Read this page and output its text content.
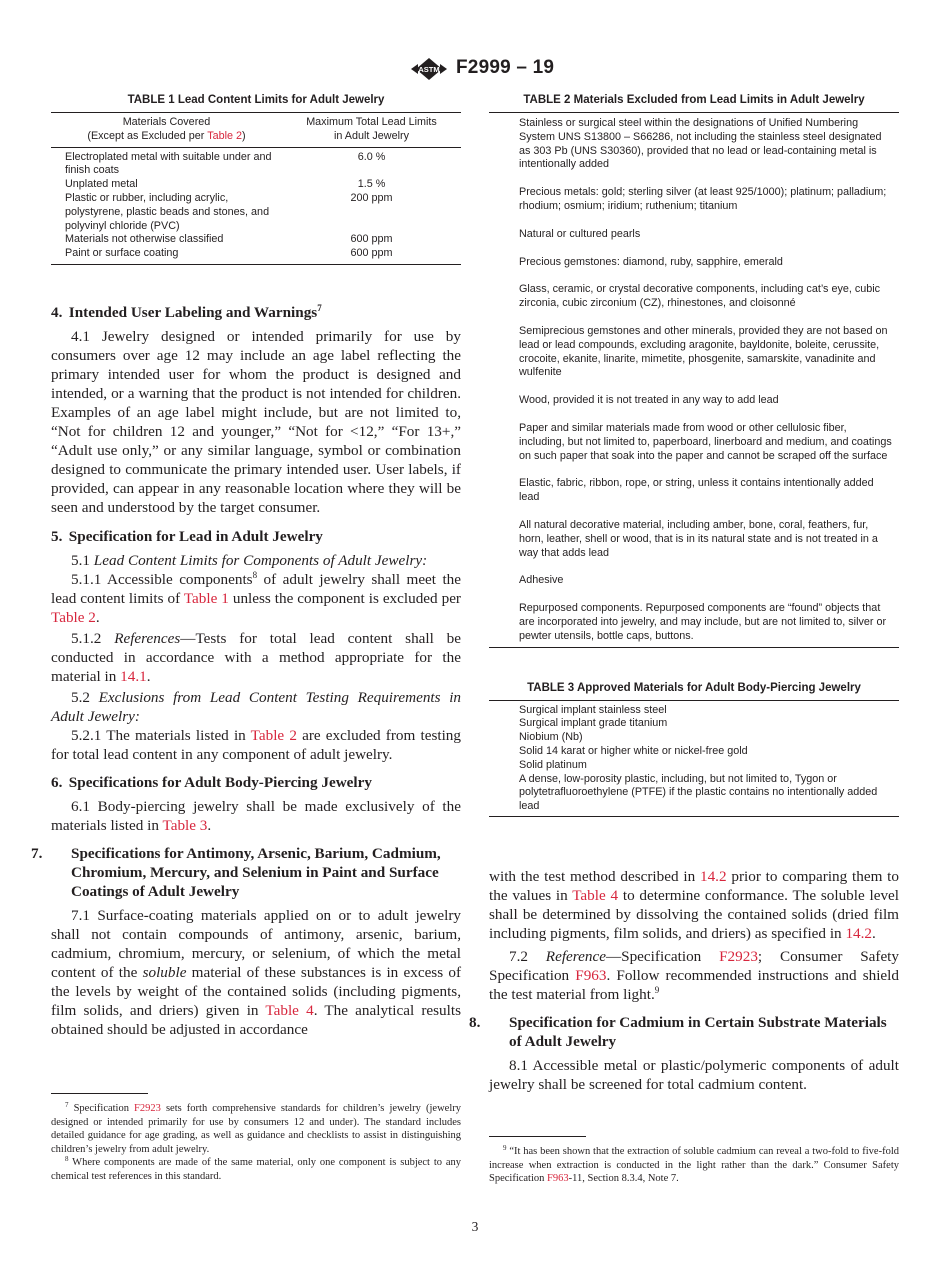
ASTM F2999 – 19
TABLE 1 Lead Content Limits for Adult Jewelry
Materials Covered
(Except as Excluded per Table 2)	Maximum Total Lead Limits
in Adult Jewelry
Electroplated metal with suitable under and finish coats	6.0 %
Unplated metal	1.5 %
Plastic or rubber, including acrylic, polystyrene, plastic beads and stones, and polyvinyl chloride (PVC)	200 ppm
Materials not otherwise classified	600 ppm
Paint or surface coating	600 ppm
4. Intended User Labeling and Warnings$^7$

4.1 Jewelry designed or intended primarily for use by consumers over age 12 may include an age label reflecting the primary intended user for whom the product is designed and intended, or a warning that the product is not intended for children. Examples of an age label might include, but are not limited to, “Not for children 12 and younger,” “Not for <12,” “For 13+,” “Adult use only,” or any similar language, symbol or combination designed to communicate the primary intended user. User labels, if provided, can appear in any reasonable location where they will be seen and understood by the target consumer.

5. Specification for Lead in Adult Jewelry

5.1 Lead Content Limits for Components of Adult Jewelry:

5.1.1 Accessible components$^8$ of adult jewelry shall meet the lead content limits of Table 1 unless the component is excluded per Table 2.

5.1.2 References—Tests for total lead content shall be conducted in accordance with a method appropriate for the material in 14.1.

5.2 Exclusions from Lead Content Testing Requirements in Adult Jewelry:

5.2.1 The materials listed in Table 2 are excluded from testing for total lead content in any component of adult jewelry.

6. Specifications for Adult Body-Piercing Jewelry

6.1 Body-piercing jewelry shall be made exclusively of the materials listed in Table 3.

7. Specifications for Antimony, Arsenic, Barium, Cadmium, Chromium, Mercury, and Selenium in Paint and Surface Coatings of Adult Jewelry

7.1 Surface-coating materials applied on or to adult jewelry shall not contain compounds of antimony, arsenic, barium, cadmium, chromium, mercury, or selenium, of which the metal content of the soluble material of these substances is in excess of the levels by weight of the contained solids (including pigments, film solids, and driers) given in Table 4. The analytical results obtained should be adjusted in accordance

$^7$ Specification F2923 sets forth comprehensive standards for children’s jewelry (jewelry designed or intended primarily for use by consumers 12 and under). The standard includes detailed guidance for age grading, as well as guidance and checklists to assist in distinguishing children’s jewelry from adult jewelry.

$^8$ Where components are made of the same material, only one component is subject to any chemical test references in this standard.

TABLE 2 Materials Excluded from Lead Limits in Adult Jewelry
Stainless or surgical steel within the designations of Unified Numbering System UNS S13800 – S66286, not including the stainless steel designated as 303 Pb (UNS S30360), provided that no lead or lead-containing metal is intentionally added
Precious metals: gold; sterling silver (at least 925/1000); platinum; palladium; rhodium; osmium; iridium; ruthenium; titanium
Natural or cultured pearls
Precious gemstones: diamond, ruby, sapphire, emerald
Glass, ceramic, or crystal decorative components, including cat’s eye, cubic zirconia, cubic zirconium (CZ), rhinestones, and cloisonné
Semiprecious gemstones and other minerals, provided they are not based on lead or lead compounds, excluding aragonite, bayldonite, boleite, cerussite, crocoite, ekanite, linarite, mimetite, phosgenite, samarskite, vanadinite and wulfenite
Wood, provided it is not treated in any way to add lead
Paper and similar materials made from wood or other cellulosic fiber, including, but not limited to, paperboard, linerboard and medium, and coatings on such paper that soak into the paper and cannot be scraped off the surface
Elastic, fabric, ribbon, rope, or string, unless it contains intentionally added lead
All natural decorative material, including amber, bone, coral, feathers, fur, horn, leather, shell or wood, that is in its natural state and is not treated in a way that adds lead
Adhesive
Repurposed components. Repurposed components are “found” objects that are incorporated into jewelry, and may include, but are not limited to, silver or pewter utensils, bottle caps, buttons.
TABLE 3 Approved Materials for Adult Body-Piercing Jewelry
Surgical implant stainless steel
Surgical implant grade titanium
Niobium (Nb)
Solid 14 karat or higher white or nickel-free gold
Solid platinum
A dense, low-porosity plastic, including, but not limited to, Tygon or polytetrafluoroethylene (PTFE) if the plastic contains no intentionally added lead

with the test method described in 14.2 prior to comparing them to the values in Table 4 to determine conformance. The soluble level shall be determined by dissolving the contained solids (dried film including pigments, film solids, and driers) as specified in 14.2.

7.2 Reference—Specification F2923; Consumer Safety Specification F963. Follow recommended instructions and shield the test material from light.$^9$

8. Specification for Cadmium in Certain Substrate Materials of Adult Jewelry

8.1 Accessible metal or plastic/polymeric components of adult jewelry shall be screened for total cadmium content.

$^9$ “It has been shown that the extraction of soluble cadmium can reveal a two-fold to five-fold increase when extraction is conducted in the light rather than the dark.” Consumer Safety Specification F963-11, Section 8.3.4, Note 7.

3
